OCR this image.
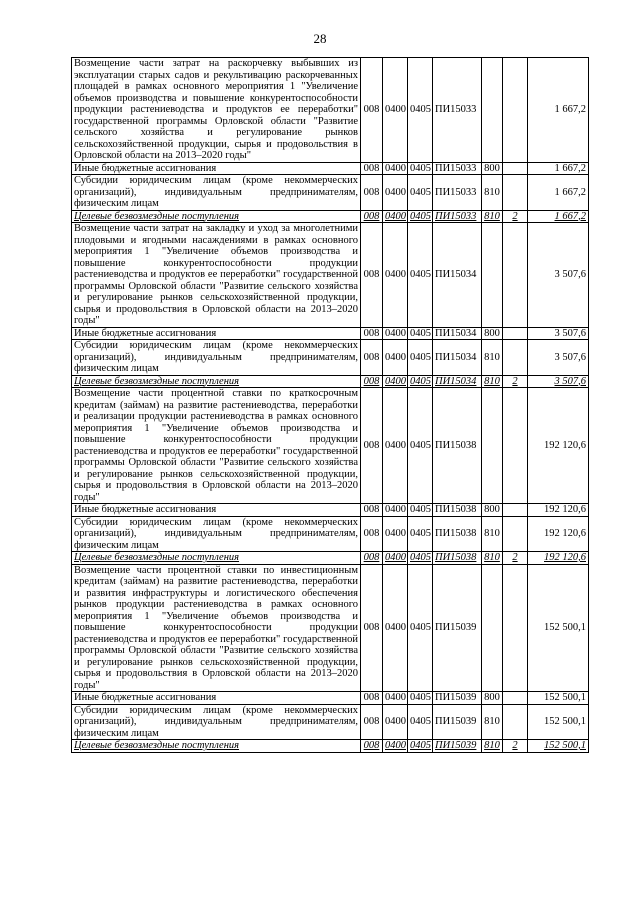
28
Возмещение части затрат на раскорчевку выбывших из эксплуатации старых садов и рекультивацию раскорчеванных площадей в рамках основного мероприятия 1 "Увеличение объемов производства и повышение конкурентоспособности продукции растениеводства и продуктов ее переработки" государственной программы Орловской области "Развитие сельского хозяйства и регулирование рынков сельскохозяйственной продукции, сырья и продовольствия в Орловской области на 2013–2020 годы"	008	0400	0405	ПИ15033			1 667,2
Иные бюджетные ассигнования	008	0400	0405	ПИ15033	800		1 667,2
Субсидии юридическим лицам (кроме некоммерческих организаций), индивидуальным предпринимателям, физическим лицам	008	0400	0405	ПИ15033	810		1 667,2
Целевые безвозмездные поступления	008	0400	0405	ПИ15033	810	2	1 667,2
Возмещение части затрат на закладку и уход за многолетними плодовыми и ягодными насаждениями в рамках основного мероприятия 1 "Увеличение объемов производства и повышение конкурентоспособности продукции растениеводства и продуктов ее переработки" государственной программы Орловской области "Развитие сельского хозяйства и регулирование рынков сельскохозяйственной продукции, сырья и продовольствия в Орловской области на 2013–2020 годы"	008	0400	0405	ПИ15034			3 507,6
Иные бюджетные ассигнования	008	0400	0405	ПИ15034	800		3 507,6
Субсидии юридическим лицам (кроме некоммерческих организаций), индивидуальным предпринимателям, физическим лицам	008	0400	0405	ПИ15034	810		3 507,6
Целевые безвозмездные поступления	008	0400	0405	ПИ15034	810	2	3 507,6
Возмещение части процентной ставки по краткосрочным кредитам (займам) на развитие растениеводства, переработки и реализации продукции растениеводства в рамках основного мероприятия 1 "Увеличение объемов производства и повышение конкурентоспособности продукции растениеводства и продуктов ее переработки" государственной программы Орловской области "Развитие сельского хозяйства и регулирование рынков сельскохозяйственной продукции, сырья и продовольствия в Орловской области на 2013–2020 годы"	008	0400	0405	ПИ15038			192 120,6
Иные бюджетные ассигнования	008	0400	0405	ПИ15038	800		192 120,6
Субсидии юридическим лицам (кроме некоммерческих организаций), индивидуальным предпринимателям, физическим лицам	008	0400	0405	ПИ15038	810		192 120,6
Целевые безвозмездные поступления	008	0400	0405	ПИ15038	810	2	192 120,6
Возмещение части процентной ставки по инвестиционным кредитам (займам) на развитие растениеводства, переработки и развития инфраструктуры и логистического обеспечения рынков продукции растениеводства в рамках основного мероприятия 1 "Увеличение объемов производства и повышение конкурентоспособности продукции растениеводства и продуктов ее переработки" государственной программы Орловской области "Развитие сельского хозяйства и регулирование рынков сельскохозяйственной продукции, сырья и продовольствия в Орловской области на 2013–2020 годы"	008	0400	0405	ПИ15039			152 500,1
Иные бюджетные ассигнования	008	0400	0405	ПИ15039	800		152 500,1
Субсидии юридическим лицам (кроме некоммерческих организаций), индивидуальным предпринимателям, физическим лицам	008	0400	0405	ПИ15039	810		152 500,1
Целевые безвозмездные поступления	008	0400	0405	ПИ15039	810	2	152 500,1
